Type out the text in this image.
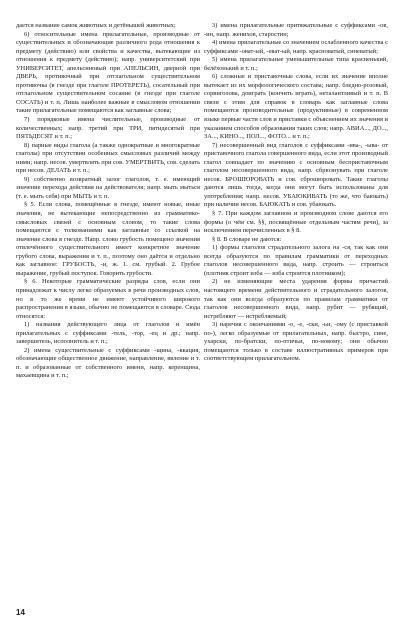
дается название самок животных и детёнышей животных;

6) относительные имена прилагательные, производные от существительных и обозначающие различного рода отношения к предмету (действию) или свойства и качества, вытекающие из отношения к предмету (действию); напр. университетский при УНИВЕРСИТЕТ, апельсиновый при АПЕЛЬСИН, дверной при ДВЕРЬ, противочный при отглагольном существительном противочка (в гнезде при глаголе ПРОТЕРЕТЬ), сосательный при отглагольном существительном сосание (в гнезде при глаголе СОСАТЬ) и т. п. Лишь наиболее важные в смысловом отношении такие прилагательные помещаются как заглавные слова;

7) порядковые имена числительные, производные от количественных; напр. третий при ТРИ, пятидесятый при ПЯТЬДЕСЯТ и т. п.;

8) парные виды глагола (а также однократные и многократные глаголы) при отсутствии особенных смысловых различий между ними; напр. несов. умертвлять при сов. УМЕРТВИТЬ, сов. сделать при несов. ДЕЛАТЬ и т. п.;

9) собственно возвратный залог глаголов, т. е. имеющий значение перехода действия на действователя; напр. мыть мыться (т. е. мыть себя) при МЫТЬ и т. п.

§ 5. Если слова, помещённые в гнезде, имеют новые, иные значения, не вытекающие непосредственно из грамматико-смысловых связей с основным словом, то такие слова помещаются с толкованиями как заглавные со ссылкой на значение слова в гнезде. Напр. слово грубость помещено значения отвлечённого существительного имеет конкретное значение грубого слова, выражения и т. п., поэтому оно даётся и отдельно как заглавное: ГРУБОСТЬ, -и, ж. 1. см. грубый. 2. Грубое выражение, грубый поступок. Говорить грубости.

§ 6. Некоторые грамматические разряды слов, если они принадлежат к числу легко образуемых в речи производных слов, но в то же время не имеют устойчивого широкого распространения в языке, обычно не помещаются в словаре. Сюда относятся:

1) названия действующего лица от глаголов и имён прилагательных с суффиксами -тель, -тор, -ец и др.; напр. завершитель, исполнитель и т. п.;

2) имена существительные с суффиксами -щина, -ккация, обозначающие общественное движение, направление, явление и т. п. и образованные от собственного имени, напр. керенщина, махаевщина и т. п.;

3) имена прилагательные притяжательные с суффиксами -ов, -ин, напр. женихов, старостин;

4) имена прилагательные со значением ослабленного качества с суффиксами -оват-ый, -еват-ый, напр. красноватый, синеватый;

5) имена прилагательные уменьшительные типа красненький, белёхонький и т. п.;

6) сложные и приставочные слова, если их значение вполне вытекает из их морфологического состава; напр. бледно-розовый, сорвиголова, доиграть (кончить играть), неталантливый и т. п. В связи с этим для справок в словарь как заглавные слова помещаются производительные (продуктивные) в современном языке первые части слов и приставки с объяснением их значения и указанием способов образования таких слов; напр. АВИА..., ДО..., ЗА..., КИНО..., ПОЛ..., ФОТО... и т. п.;

7) несовершенный вид глаголов с суффиксами -ива-, -ыва- от приставочного глагола совершенного вида, если этот производный глагол совпадает по значению с основным бесприставочным глаголом несовершенного вида, напр. сбрюзнувать при глаголе несов. БРОШЮРОВАТЬ и сов. сброшюровать. Такие глаголы даются лишь тогда, когда они могут быть использованы для употребления; напр. несов. УБАЮКИВАТЬ (то же, что баюкать) при наличии несов. БАЮКАТЬ и сов. убаюкать.

§ 7. При каждом заглавном и производном слове даются его формы (о чём см. §§, посвящённые отдельным частям речи), за исключением перечисленных в § 8.

§ 8. В словаре не даются:

1) формы глаголов страдательного залога на -ся, так как они всегда образуются по правилам грамматики от переходных глаголов несовершенного вида, напр. строить — строиться (плотник строит изба — изба строится плотником);

2) не изменяющие места ударения формы причастий настоящего времени действительного и страдательного залогов, так как они всегда образуются по правилам грамматики от глаголов несовершенного вида, напр. рубит — рубящий, истребляют — истребляемый;

3) наречия с окончаниями -о, -е, -ски, -ьи, -ому (с приставкой по-), легко образуемые от прилагательных, напр. быстро, сине, ухарски, по-братски, по-птичьи, по-новому; они обычно помещаются только в составе иллюстративных примеров при соответствующем прилагательном.

14
